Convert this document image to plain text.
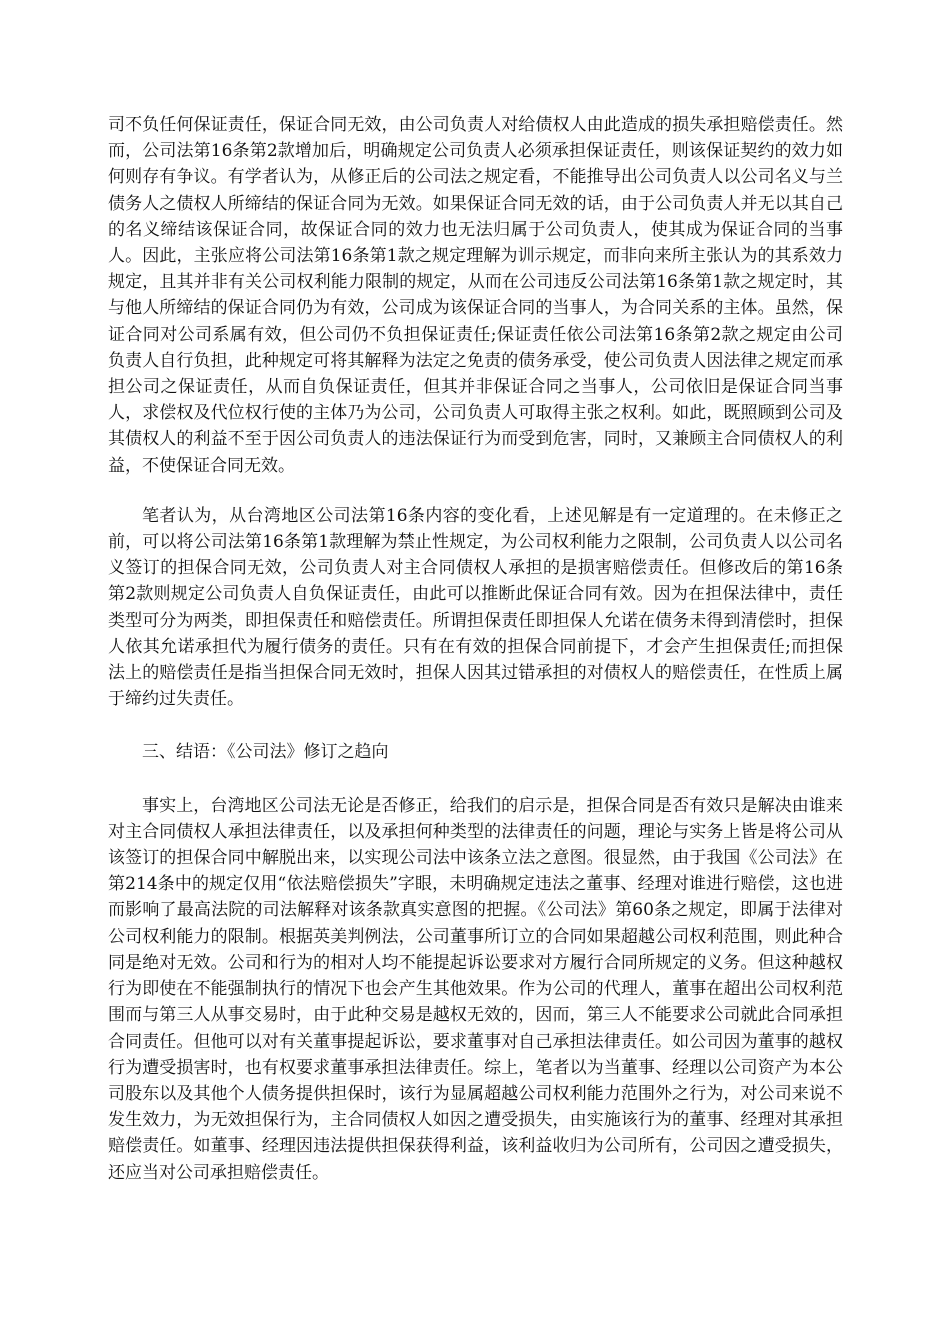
司不负任何保证责任，保证合同无效，由公司负责人对给债权人由此造成的损失承担赔偿责任。然而，公司法第16条第2款增加后，明确规定公司负责人必须承担保证责任，则该保证契约的效力如何则存有争议。有学者认为，从修正后的公司法之规定看，不能推导出公司负责人以公司名义与兰债务人之债权人所缔结的保证合同为无效。如果保证合同无效的话，由于公司负责人并无以其自己的名义缔结该保证合同，故保证合同的效力也无法归属于公司负责人，使其成为保证合同的当事人。因此，主张应将公司法第16条第1款之规定理解为训示规定，而非向来所主张认为的其系效力规定，且其并非有关公司权利能力限制的规定，从而在公司违反公司法第16条第1款之规定时，其与他人所缔结的保证合同仍为有效，公司成为该保证合同的当事人，为合同关系的主体。虽然，保证合同对公司系属有效，但公司仍不负担保证责任;保证责任依公司法第16条第2款之规定由公司负责人自行负担，此种规定可将其解释为法定之免责的债务承受，使公司负责人因法律之规定而承担公司之保证责任，从而自负保证责任，但其并非保证合同之当事人，公司依旧是保证合同当事人，求偿权及代位权行使的主体乃为公司，公司负责人可取得主张之权利。如此，既照顾到公司及其债权人的利益不至于因公司负责人的违法保证行为而受到危害，同时，又兼顾主合同债权人的利益，不使保证合同无效。

笔者认为，从台湾地区公司法第16条内容的变化看，上述见解是有一定道理的。在未修正之前，可以将公司法第16条第1款理解为禁止性规定，为公司权利能力之限制，公司负责人以公司名义签订的担保合同无效，公司负责人对主合同债权人承担的是损害赔偿责任。但修改后的第16条第2款则规定公司负责人自负保证责任，由此可以推断此保证合同有效。因为在担保法律中，责任类型可分为两类，即担保责任和赔偿责任。所谓担保责任即担保人允诺在债务未得到清偿时，担保人依其允诺承担代为履行债务的责任。只有在有效的担保合同前提下，才会产生担保责任;而担保法上的赔偿责任是指当担保合同无效时，担保人因其过错承担的对债权人的赔偿责任，在性质上属于缔约过失责任。

三、结语：《公司法》修订之趋向

事实上，台湾地区公司法无论是否修正，给我们的启示是，担保合同是否有效只是解决由谁来对主合同债权人承担法律责任，以及承担何种类型的法律责任的问题，理论与实务上皆是将公司从该签订的担保合同中解脱出来，以实现公司法中该条立法之意图。很显然，由于我国《公司法》在第214条中的规定仅用“依法赔偿损失”字眼，未明确规定违法之董事、经理对谁进行赔偿，这也进而影响了最高法院的司法解释对该条款真实意图的把握。《公司法》第60条之规定，即属于法律对公司权利能力的限制。根据英美判例法，公司董事所订立的合同如果超越公司权利范围，则此种合同是绝对无效。公司和行为的相对人均不能提起诉讼要求对方履行合同所规定的义务。但这种越权行为即使在不能强制执行的情况下也会产生其他效果。作为公司的代理人，董事在超出公司权利范围而与第三人从事交易时，由于此种交易是越权无效的，因而，第三人不能要求公司就此合同承担合同责任。但他可以对有关董事提起诉讼，要求董事对自己承担法律责任。如公司因为董事的越权行为遭受损害时，也有权要求董事承担法律责任。综上，笔者以为当董事、经理以公司资产为本公司股东以及其他个人债务提供担保时，该行为显属超越公司权利能力范围外之行为，对公司来说不发生效力，为无效担保行为，主合同债权人如因之遭受损失，由实施该行为的董事、经理对其承担赔偿责任。如董事、经理因违法提供担保获得利益，该利益收归为公司所有，公司因之遭受损失，还应当对公司承担赔偿责任。
